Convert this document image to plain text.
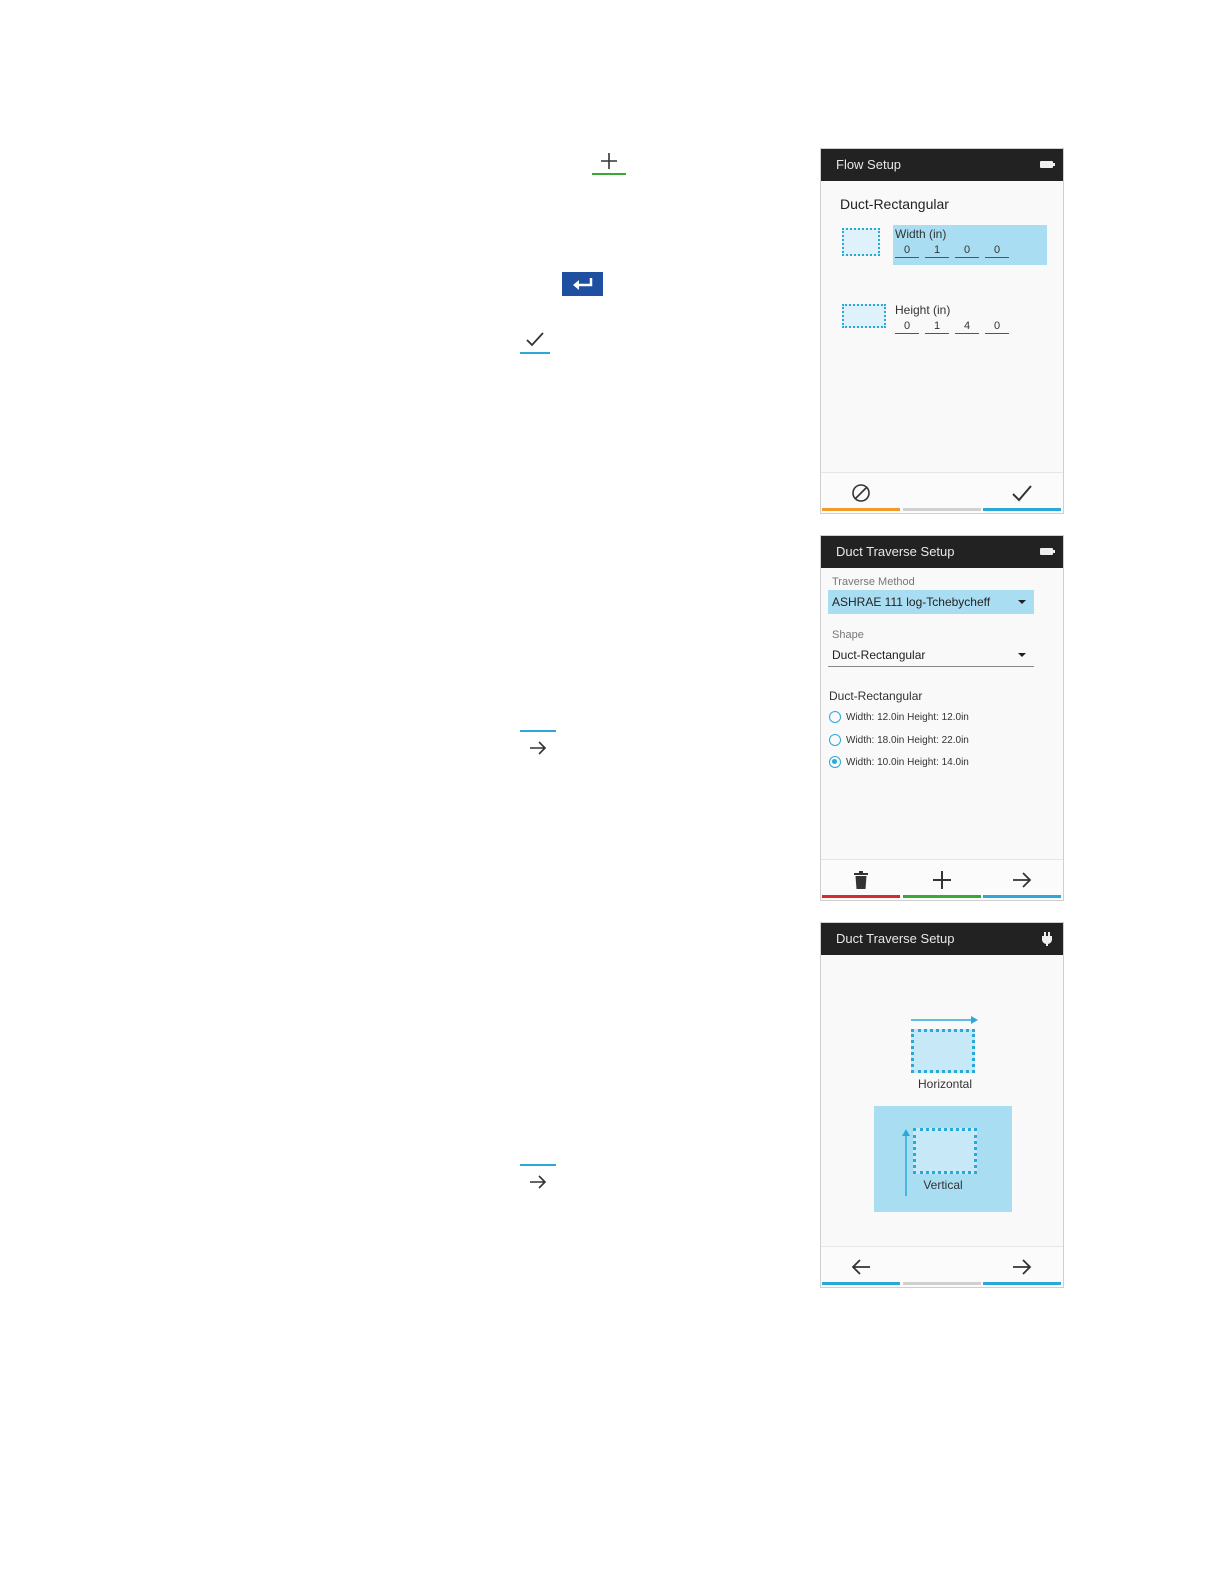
Flow Setup
Duct-Rectangular
Width (in)
0	1	0	0
Height (in)
0	1	4	0
Duct Traverse Setup
Traverse Method
ASHRAE 111 log-Tchebycheff
Shape
Duct-Rectangular
Duct-Rectangular
Width: 12.0in Height: 12.0in
Width: 18.0in Height: 22.0in
Width: 10.0in Height: 14.0in
Duct Traverse Setup
Horizontal
Vertical
